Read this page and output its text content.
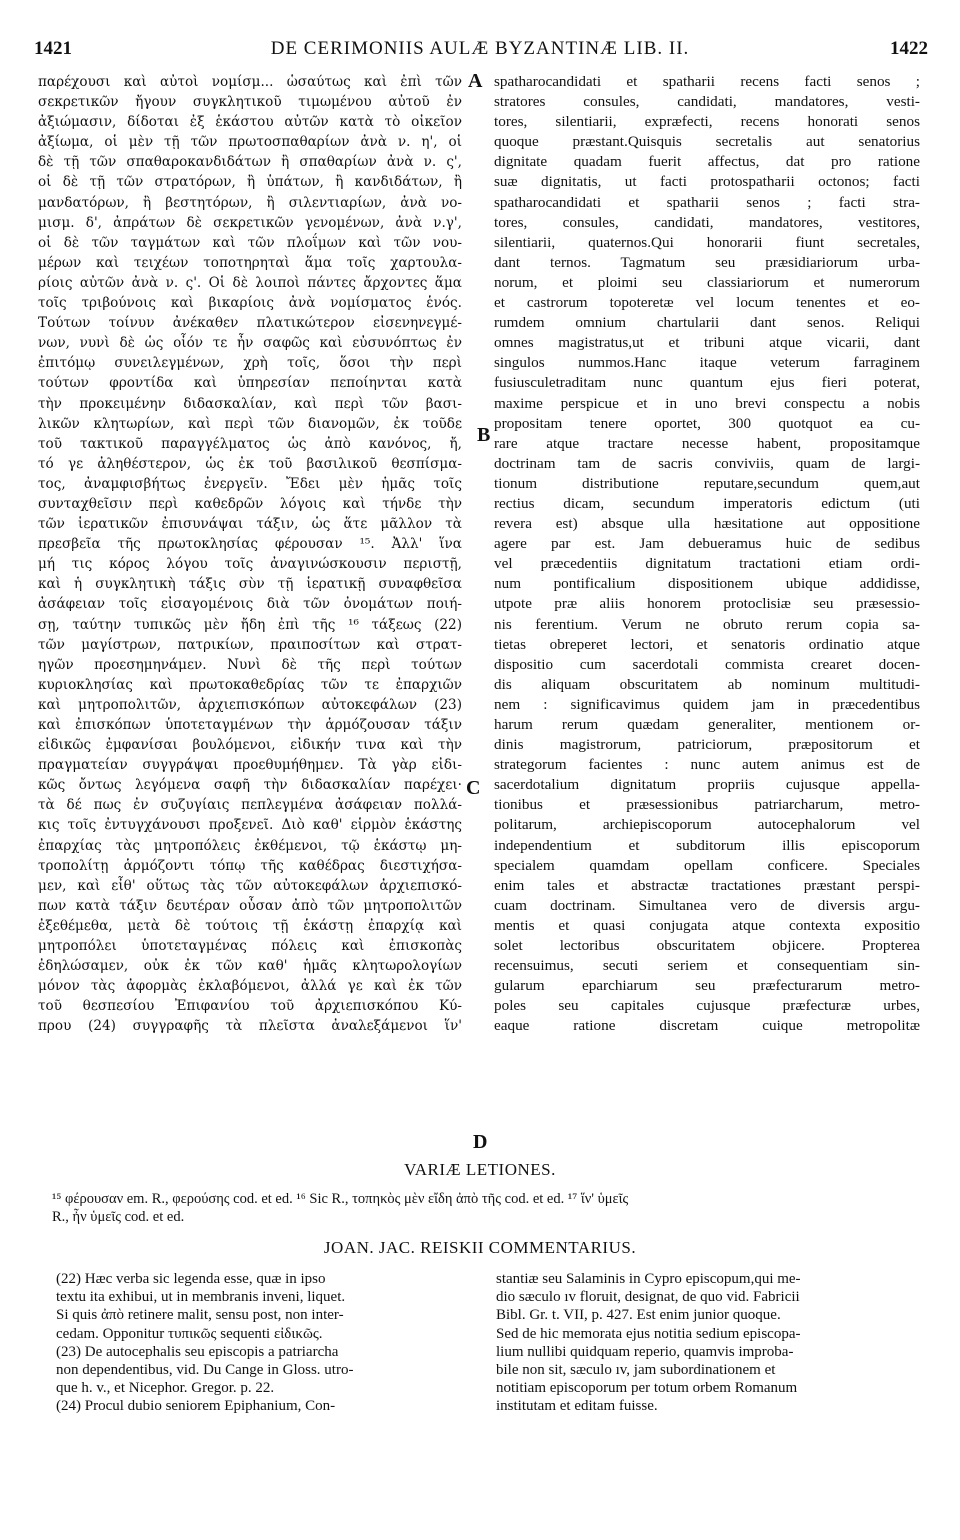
1421	DE CERIMONIIS AULÆ BYZANTINÆ LIB. II.	1422
παρέχουσι καὶ αὐτοὶ νομίσμ... ὡσαύτως καὶ ἐπὶ τῶν
σεκρετικῶν ἤγουν συγκλητικοῦ τιμωμένου αὐτοῦ ἐν
ἀξιώμασιν, δίδοται ἐξ ἑκάστου αὐτῶν κατὰ τὸ οἰκεῖον
ἀξίωμα, οἱ μὲν τῇ τῶν πρωτοσπαθαρίων ἀνὰ ν. η', οἱ
δὲ τῇ τῶν σπαθαροκανδιδάτων ἢ σπαθαρίων ἀνὰ ν. ς',
οἱ δὲ τῇ τῶν στρατόρων, ἢ ὑπάτων, ἢ κανδιδάτων, ἢ
μανδατόρων, ἢ βεστητόρων, ἢ σιλεντιαρίων, ἀνὰ νο-
μισμ. δ', ἀπράτων δὲ σεκρετικῶν γενομένων, ἀνὰ ν.γ',
οἱ δὲ τῶν ταγμάτων καὶ τῶν πλοΐμων καὶ τῶν νου-
μέρων καὶ τειχέων τοποτηρηταὶ ἅμα τοῖς χαρτουλα-
ρίοις αὐτῶν ἀνὰ ν. ς'. Οἱ δὲ λοιποὶ πάντες ἄρχοντες ἅμα
τοῖς τριβούνοις καὶ βικαρίοις ἀνὰ νομίσματος ἑνός.
Τούτων τοίνυν ἀνέκαθεν πλατικώτερον εἰσενηνεγμέ-
νων, νυνὶ δὲ ὡς οἷόν τε ἦν σαφῶς καὶ εὐσυνόπτως ἐν
ἐπιτόμῳ συνειλεγμένων, χρὴ τοῖς, ὅσοι τὴν περὶ
τούτων φροντίδα καὶ ὑπηρεσίαν πεποίηνται κατὰ
τὴν προκειμένην διδασκαλίαν, καὶ περὶ τῶν βασι-
λικῶν κλητωρίων, καὶ περὶ τῶν διανομῶν, ἐκ τοῦδε
τοῦ τακτικοῦ παραγγέλματος ὡς ἀπὸ κανόνος, ἤ,
τό γε ἀληθέστερον, ὡς ἐκ τοῦ βασιλικοῦ θεσπίσμα-
τος, ἀναμφισβήτως ἐνεργεῖν. Ἔδει μὲν ἡμᾶς τοῖς
συνταχθεῖσιν περὶ καθεδρῶν λόγοις καὶ τήνδε τὴν
τῶν ἱερατικῶν ἐπισυνάψαι τάξιν, ὡς ἅτε μᾶλλον τὰ
πρεσβεῖα τῆς πρωτοκλησίας φέρουσαν ¹⁵. Ἀλλ' ἵνα
μή τις κόρος λόγου τοῖς ἀναγινώσκουσιν περιστῇ,
καὶ ἡ συγκλητικὴ τάξις σὺν τῇ ἱερατικῇ συναφθεῖσα
ἀσάφειαν τοῖς εἰσαγομένοις διὰ τῶν ὀνομάτων ποιή-
σῃ, ταύτην τυπικῶς μὲν ἤδη ἐπὶ τῆς ¹⁶ τάξεως (22)
τῶν μαγίστρων, πατρικίων, πραιποσίτων καὶ στρατ-
ηγῶν προεσημηνάμεν. Νυνὶ δὲ τῆς περὶ τούτων
κυριοκλησίας καὶ πρωτοκαθεδρίας τῶν τε ἐπαρχιῶν
καὶ μητροπολιτῶν, ἀρχιεπισκόπων αὐτοκεφάλων (23)
καὶ ἐπισκόπων ὑποτεταγμένων τὴν ἁρμόζουσαν τάξιν
εἰδικῶς ἐμφανίσαι βουλόμενοι, εἰδικήν τινα καὶ τὴν
πραγματείαν συγγράψαι προεθυμήθημεν. Τὰ γὰρ εἰδι-
κῶς ὄντως λεγόμενα σαφῆ τὴν διδασκαλίαν παρέχει·
τὰ δέ πως ἐν συζυγίαις πεπλεγμένα ἀσάφειαν πολλά-
κις τοῖς ἐντυγχάνουσι προξενεῖ. Διὸ καθ' εἱρμὸν ἑκάστης
ἐπαρχίας τὰς μητροπόλεις ἐκθέμενοι, τῷ ἑκάστῳ μη-
τροπολίτῃ ἁρμόζοντι τόπῳ τῆς καθέδρας διεστιχήσα-
μεν, καὶ εἶθ' οὕτως τὰς τῶν αὐτοκεφάλων ἀρχιεπισκό-
πων κατὰ τάξιν δευτέραν οὖσαν ἀπὸ τῶν μητροπολιτῶν
ἐξεθέμεθα, μετὰ δὲ τούτοις τῇ ἑκάστῃ ἐπαρχίᾳ καὶ
μητροπόλει ὑποτεταγμένας πόλεις καὶ ἐπισκοπὰς
ἐδηλώσαμεν, οὐκ ἐκ τῶν καθ' ἡμᾶς κλητωρολογίων
μόνον τὰς ἀφορμὰς ἐκλαβόμενοι, ἀλλά γε καὶ ἐκ τῶν
τοῦ θεσπεσίου Ἐπιφανίου τοῦ ἀρχιεπισκόπου Κύ-
πρου (24) συγγραφῆς τὰ πλεῖστα ἀναλεξάμενοι ἵν'
spatharocandidati et spatharii recens facti senos ;
stratores consules, candidati, mandatores, vesti-
tores, silentiarii, expræfecti, recens honorati senos
quoque præstant.Quisquis secretalis aut senatorius
dignitate quadam fuerit affectus, dat pro ratione
suæ dignitatis, ut facti protospatharii octonos; facti
spatharocandidati et spatharii senos ; facti stra-
tores, consules, candidati, mandatores, vestitores,
silentiarii, quaternos.Qui honorarii fiunt secretales,
dant ternos. Tagmatum seu præsidiariorum urba-
norum, et ploimi seu classiariorum et numerorum
et castrorum topoteretæ vel locum tenentes et eo-
rumdem omnium chartularii dant senos. Reliqui
omnes magistratus,ut et tribuni atque vicarii, dant
singulos nummos.Hanc itaque veterum farraginem
fusiusculetraditam nunc quantum ejus fieri poterat,
maxime perspicue et in uno brevi conspectu a nobis
propositam tenere oportet, 300 quotquot ea cu-
rare atque tractare necesse habent, propositamque
doctrinam tam de sacris conviviis, quam de largi-
tionum distributione reputare,secundum quem,aut
rectius dicam, secundum imperatoris edictum (uti
revera est) absque ulla hæsitatione aut oppositione
agere par est. Jam debueramus huic de sedibus
vel præcedentiis dignitatum tractationi etiam ordi-
num pontificalium dispositionem ubique addidisse,
utpote præ aliis honorem protoclisiæ seu præsessio-
nis ferentium. Verum ne obruto rerum copia sa-
tietas obreperet lectori, et senatoris ordinatio atque
dispositio cum sacerdotali commista crearet docen-
dis aliquam obscuritatem ab nominum multitudi-
nem : significavimus quidem jam in præcedentibus
harum rerum quædam generaliter, mentionem or-
dinis magistrorum, patriciorum, præpositorum et
strategorum facientes : nunc autem animus est de
sacerdotalium dignitatum propriis cujusque appella-
tionibus et præsessionibus patriarcharum, metro-
politarum, archiepiscoporum autocephalorum vel
independentium et subditorum illis episcoporum
specialem quamdam opellam conficere. Speciales
enim tales et abstractæ tractationes præstant perspi-
cuam doctrinam. Simultanea vero de diversis argu-
mentis et quasi conjugata atque contexta expositio
solet lectoribus obscuritatem objicere. Propterea
recensuimus, secuti seriem et consequentiam sin-
gularum eparchiarum seu præfecturarum metro-
poles seu capitales cujusque præfecturæ urbes,
eaque ratione discretam cuique metropolitæ
A
B
C
D
VARIÆ LETIONES.
¹⁵ φέρουσαν em. R., φερούσης cod. et ed. ¹⁶ Sic R., τοπηκὸς μὲν εἴδη ἀπὸ τῆς cod. et ed. ¹⁷ ἵν' ὑμεῖς
R., ἦν ὑμεῖς cod. et ed.
JOAN. JAC. REISKII COMMENTARIUS.
(22) Hæc verba sic legenda esse, quæ in ipso
textu ita exhibui, ut in membranis inveni, liquet.
Si quis ἀπὸ retinere malit, sensu post, non inter-
cedam. Opponitur τυπικῶς sequenti εἰδικῶς.
(23) De autocephalis seu episcopis a patriarcha
non dependentibus, vid. Du Cange in Gloss. utro-
que h. v., et Nicephor. Gregor. p. 22.
(24) Procul dubio seniorem Epiphanium, Con-
stantiæ seu Salaminis in Cypro episcopum,qui me-
dio sæculo ıv floruit, designat, de quo vid. Fabricii
Bibl. Gr. t. VII, p. 427. Est enim junior quoque.
Sed de hic memorata ejus notitia sedium episcopa-
lium nullibi quidquam reperio, quamvis improba-
bile non sit, sæculo ıv, jam subordinationem et
notitiam episcoporum per totum orbem Romanum
institutam et editam fuisse.
